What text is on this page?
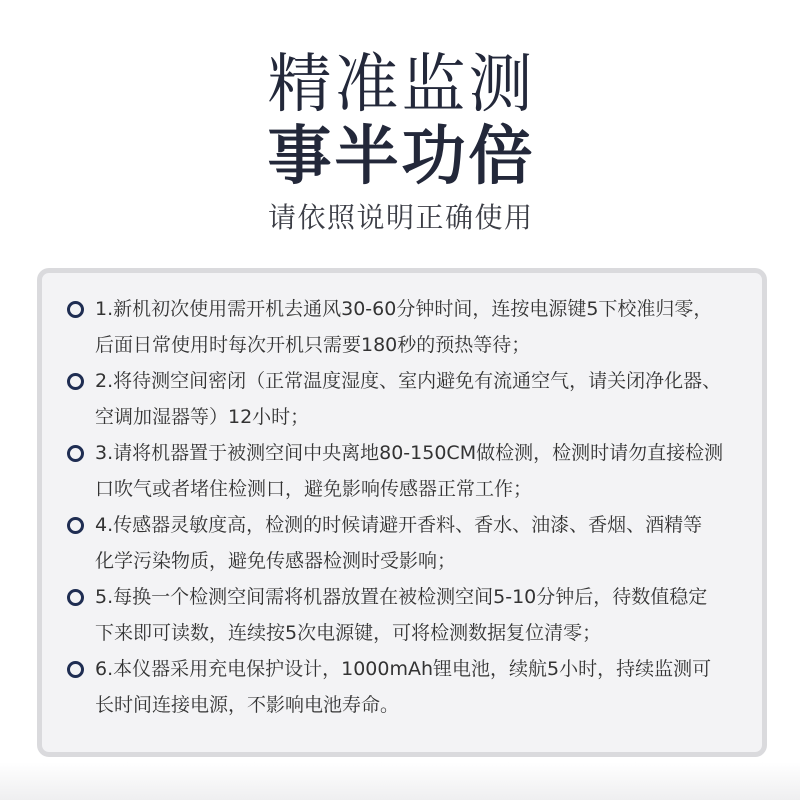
精准监测
事半功倍
请依照说明正确使用
1.新机初次使用需开机去通风30-60分钟时间，连按电源键5下校准归零，
后面日常使用时每次开机只需要180秒的预热等待；
2.将待测空间密闭（正常温度湿度、室内避免有流通空气，请关闭净化器、
空调加湿器等）12小时；
3.请将机器置于被测空间中央离地80-150CM做检测，检测时请勿直接检测
口吹气或者堵住检测口，避免影响传感器正常工作；
4.传感器灵敏度高，检测的时候请避开香料、香水、油漆、香烟、酒精等
化学污染物质，避免传感器检测时受影响；
5.每换一个检测空间需将机器放置在被检测空间5-10分钟后，待数值稳定
下来即可读数，连续按5次电源键，可将检测数据复位清零；
6.本仪器采用充电保护设计，1000mAh锂电池，续航5小时，持续监测可
长时间连接电源，不影响电池寿命。
